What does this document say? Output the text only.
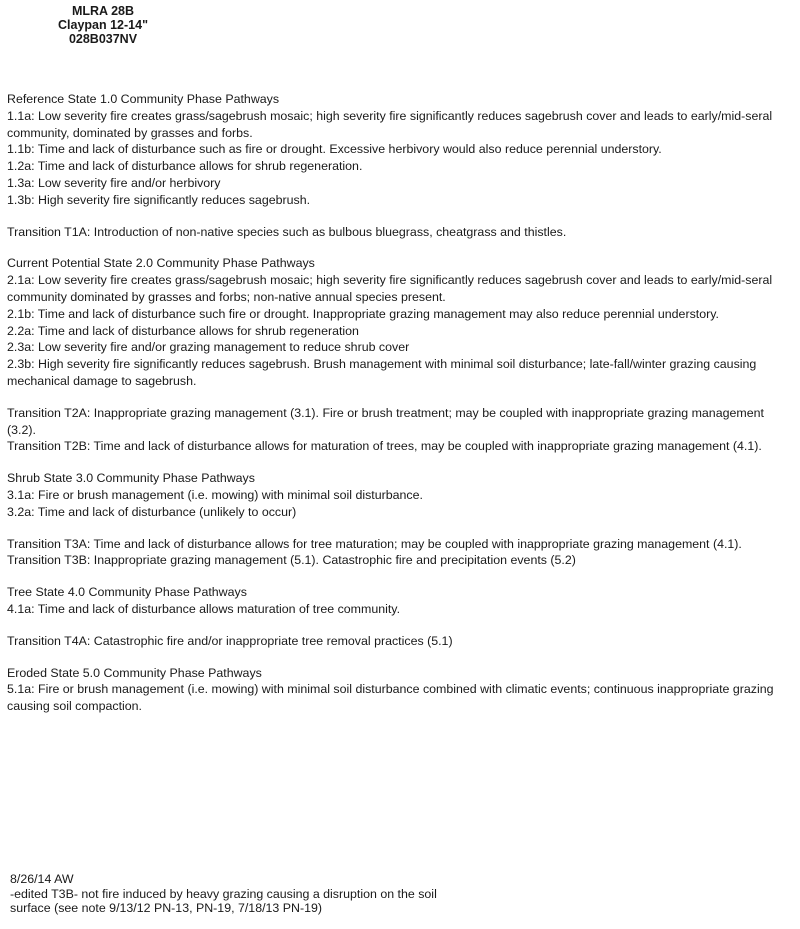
MLRA 28B
Claypan 12-14"
028B037NV
Reference State 1.0 Community Phase Pathways
1.1a: Low severity fire creates grass/sagebrush mosaic; high severity fire significantly reduces sagebrush cover and leads to early/mid-seral community, dominated by grasses and forbs.
1.1b: Time and lack of disturbance such as fire or drought. Excessive herbivory would also reduce perennial understory.
1.2a: Time and lack of disturbance allows for shrub regeneration.
1.3a: Low severity fire and/or herbivory
1.3b: High severity fire significantly reduces sagebrush.
Transition T1A: Introduction of non-native species such as bulbous bluegrass, cheatgrass and thistles.
Current Potential State 2.0 Community Phase Pathways
2.1a: Low severity fire creates grass/sagebrush mosaic; high severity fire significantly reduces sagebrush cover and leads to early/mid-seral community dominated by grasses and forbs; non-native annual species present.
2.1b: Time and lack of disturbance such fire or drought. Inappropriate grazing management may also reduce perennial understory.
2.2a: Time and lack of disturbance allows for shrub regeneration
2.3a: Low severity fire and/or grazing management to reduce shrub cover
2.3b: High severity fire significantly reduces sagebrush. Brush management with minimal soil disturbance; late-fall/winter grazing causing mechanical damage to sagebrush.
Transition T2A: Inappropriate grazing management (3.1). Fire or brush treatment; may be coupled with inappropriate grazing management (3.2).
Transition T2B: Time and lack of disturbance allows for maturation of trees, may be coupled with inappropriate grazing management (4.1).
Shrub State 3.0 Community Phase Pathways
3.1a: Fire or brush management (i.e. mowing) with minimal soil disturbance.
3.2a: Time and lack of disturbance (unlikely to occur)
Transition T3A: Time and lack of disturbance allows for tree maturation; may be coupled with inappropriate grazing management (4.1).
Transition T3B: Inappropriate grazing management (5.1). Catastrophic fire and precipitation events (5.2)
Tree State 4.0 Community Phase Pathways
4.1a: Time and lack of disturbance allows maturation of tree community.
Transition T4A: Catastrophic fire and/or inappropriate tree removal practices (5.1)
Eroded State 5.0 Community Phase Pathways
5.1a: Fire or brush management (i.e. mowing) with minimal soil disturbance combined with climatic events; continuous inappropriate grazing causing soil compaction.
8/26/14 AW
-edited T3B- not fire induced by heavy grazing causing a disruption on the soil surface (see note 9/13/12 PN-13, PN-19, 7/18/13 PN-19)
